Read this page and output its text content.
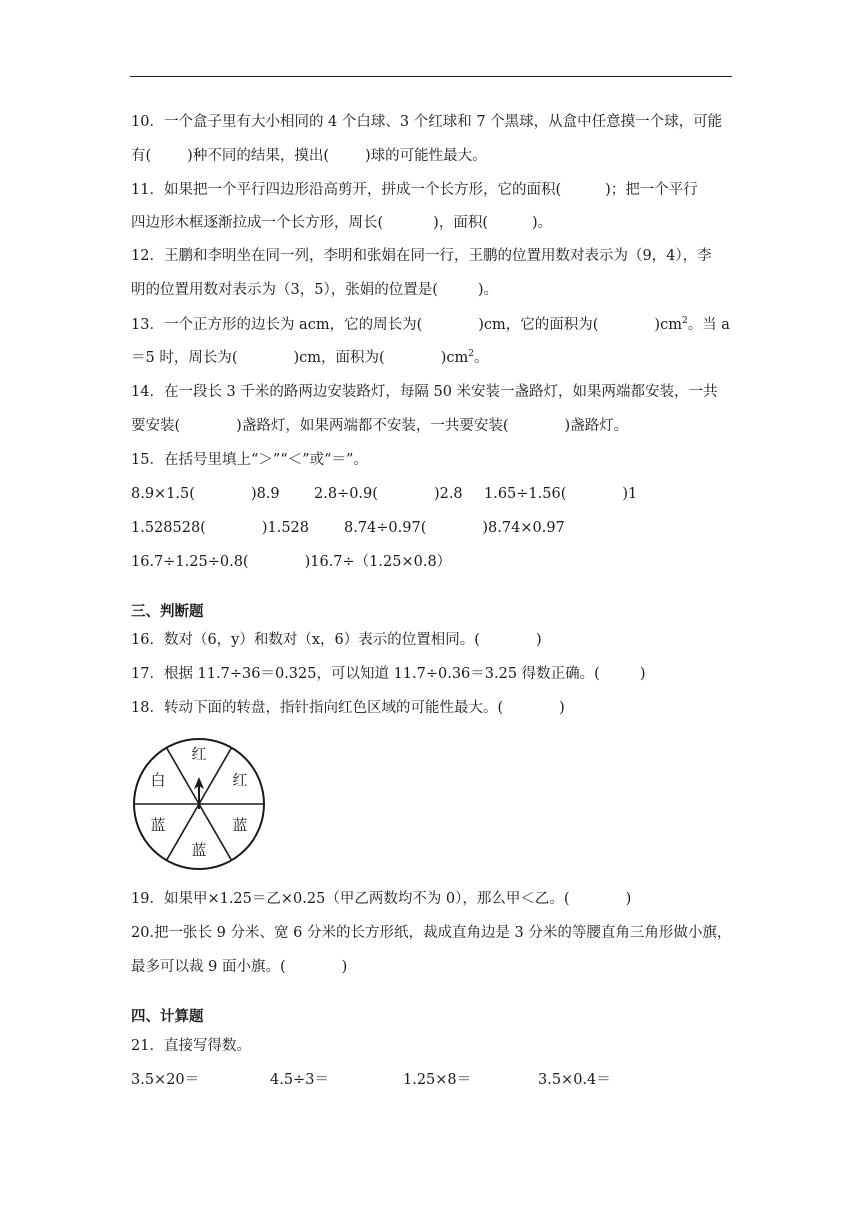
10．一个盒子里有大小相同的 4 个白球、3 个红球和 7 个黑球，从盒中任意摸一个球，可能
有( )种不同的结果，摸出( )球的可能性最大。
11．如果把一个平行四边形沿高剪开，拼成一个长方形，它的面积(	)；把一个平行
四边形木框逐渐拉成一个长方形，周长(	)，面积(	)。
12．王鹏和李明坐在同一列，李明和张娟在同一行，王鹏的位置用数对表示为（9，4），李
明的位置用数对表示为（3，5），张娟的位置是(	)。
13．一个正方形的边长为 acm，它的周长为(	)cm，它的面积为(	)$cm^2$。当 a
＝5 时，周长为(	)cm，面积为(	)$cm^2$。
14．在一段长 3 千米的路两边安装路灯，每隔 50 米安装一盏路灯，如果两端都安装，一共
要安装(	)盏路灯，如果两端都不安装，一共要安装(	)盏路灯。
15．在括号里填上“＞”“＜”或“＝”。
8.9×1.5(	)8.9 2.8÷0.9(	)2.8 1.65÷1.56(	)1
1.528528(	)1.528 8.74÷0.97(	)8.74×0.97
16.7÷1.25÷0.8(	)16.7÷（1.25×0.8）
三、判断题
16．数对（6，y）和数对（x，6）表示的位置相同。(	)
17．根据 11.7÷36＝0.325，可以知道 11.7÷0.36＝3.25 得数正确。(	)
18．转动下面的转盘，指针指向红色区域的可能性最大。(	)
红
红
蓝
蓝
蓝
白
19．如果甲×1.25＝乙×0.25（甲乙两数均不为 0），那么甲＜乙。(	)
20.把一张长 9 分米、宽 6 分米的长方形纸，裁成直角边是 3 分米的等腰直角三角形做小旗，
最多可以裁 9 面小旗。(	)
四、计算题
21．直接写得数。
3.5×20＝	4.5÷3＝	1.25×8＝	3.5×0.4＝
